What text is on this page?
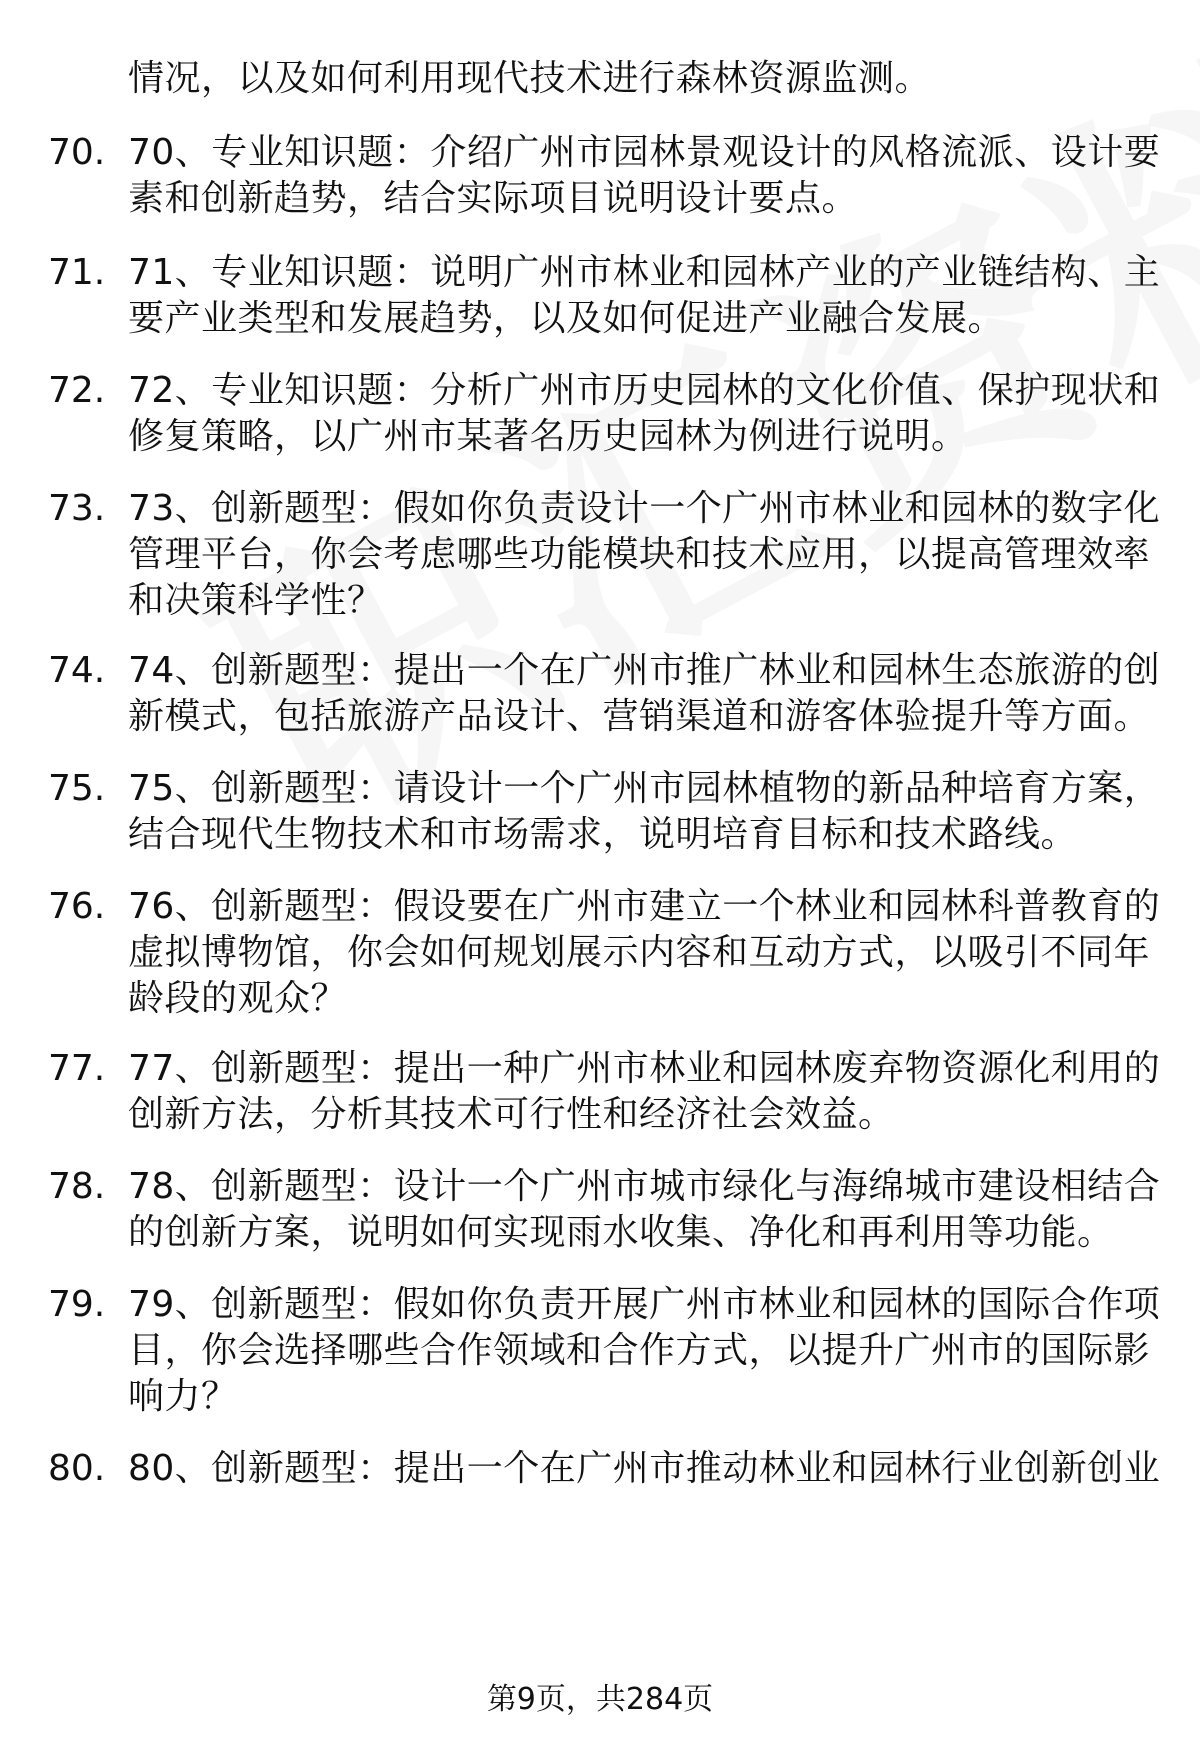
情况，以及如何利用现代技术进行森林资源监测。
70. 70、专业知识题：介绍广州市园林景观设计的风格流派、设计要
素和创新趋势，结合实际项目说明设计要点。
71. 71、专业知识题：说明广州市林业和园林产业的产业链结构、主
要产业类型和发展趋势，以及如何促进产业融合发展。
72. 72、专业知识题：分析广州市历史园林的文化价值、保护现状和
修复策略，以广州市某著名历史园林为例进行说明。
73. 73、创新题型：假如你负责设计一个广州市林业和园林的数字化
管理平台，你会考虑哪些功能模块和技术应用，以提高管理效率
和决策科学性？
74. 74、创新题型：提出一个在广州市推广林业和园林生态旅游的创
新模式，包括旅游产品设计、营销渠道和游客体验提升等方面。
75. 75、创新题型：请设计一个广州市园林植物的新品种培育方案，
结合现代生物技术和市场需求，说明培育目标和技术路线。
76. 76、创新题型：假设要在广州市建立一个林业和园林科普教育的
虚拟博物馆，你会如何规划展示内容和互动方式，以吸引不同年
龄段的观众？
77. 77、创新题型：提出一种广州市林业和园林废弃物资源化利用的
创新方法，分析其技术可行性和经济社会效益。
78. 78、创新题型：设计一个广州市城市绿化与海绵城市建设相结合
的创新方案，说明如何实现雨水收集、净化和再利用等功能。
79. 79、创新题型：假如你负责开展广州市林业和园林的国际合作项
目，你会选择哪些合作领域和合作方式，以提升广州市的国际影
响力？
80. 80、创新题型：提出一个在广州市推动林业和园林行业创新创业
第9页，共284页
